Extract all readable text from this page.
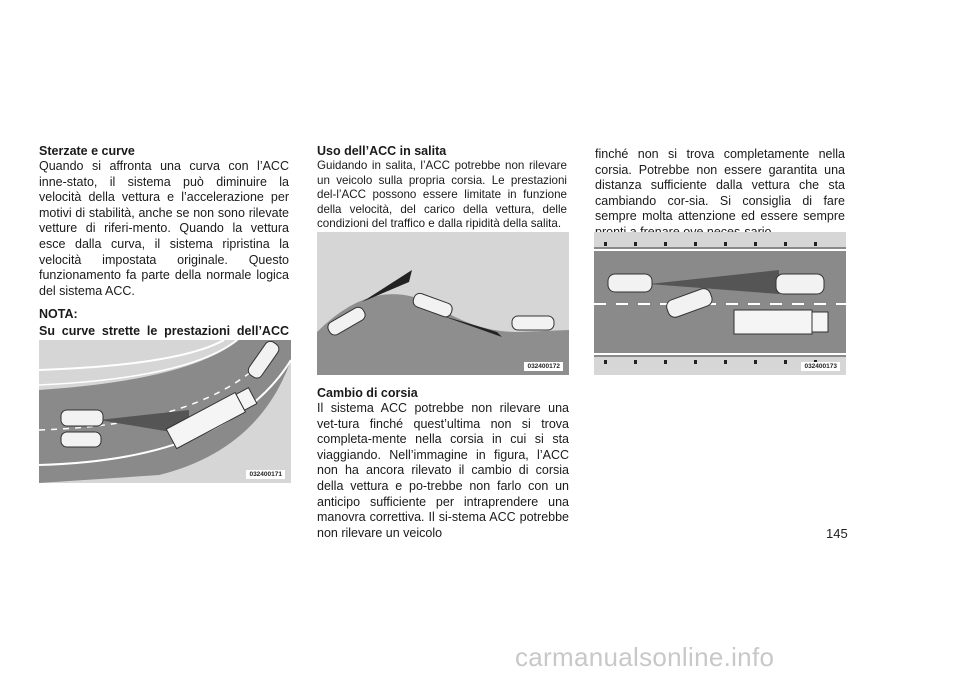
Sterzate e curve

Quando si affronta una curva con l’ACC inne-stato, il sistema può diminuire la velocità della vettura e l’accelerazione per motivi di stabilità, anche se non sono rilevate vetture di riferi-mento. Quando la vettura esce dalla curva, il sistema ripristina la velocità impostata originale. Questo funzionamento fa parte della normale logica del sistema ACC.

NOTA:

Su curve strette le prestazioni dell’ACC

032400171

Uso dell’ACC in salita

Guidando in salita, l’ACC potrebbe non rilevare un veicolo sulla propria corsia. Le prestazioni del-l’ACC possono essere limitate in funzione della velocità, del carico della vettura, delle condizioni del traffico e dalla ripidità della salita.

032400172

Cambio di corsia

Il sistema ACC potrebbe non rilevare una vet-tura finché quest’ultima non si trova completa-mente nella corsia in cui si sta viaggiando. Nell’immagine in figura, l’ACC non ha ancora rilevato il cambio di corsia della vettura e po-trebbe non farlo con un anticipo sufficiente per intraprendere una manovra correttiva. Il si-stema ACC potrebbe non rilevare un veicolo

finché non si trova completamente nella corsia. Potrebbe non essere garantita una distanza sufficiente dalla vettura che sta cambiando cor-sia. Si consiglia di fare sempre molta attenzione ed essere sempre

032400173
145
carmanualsonline.info
